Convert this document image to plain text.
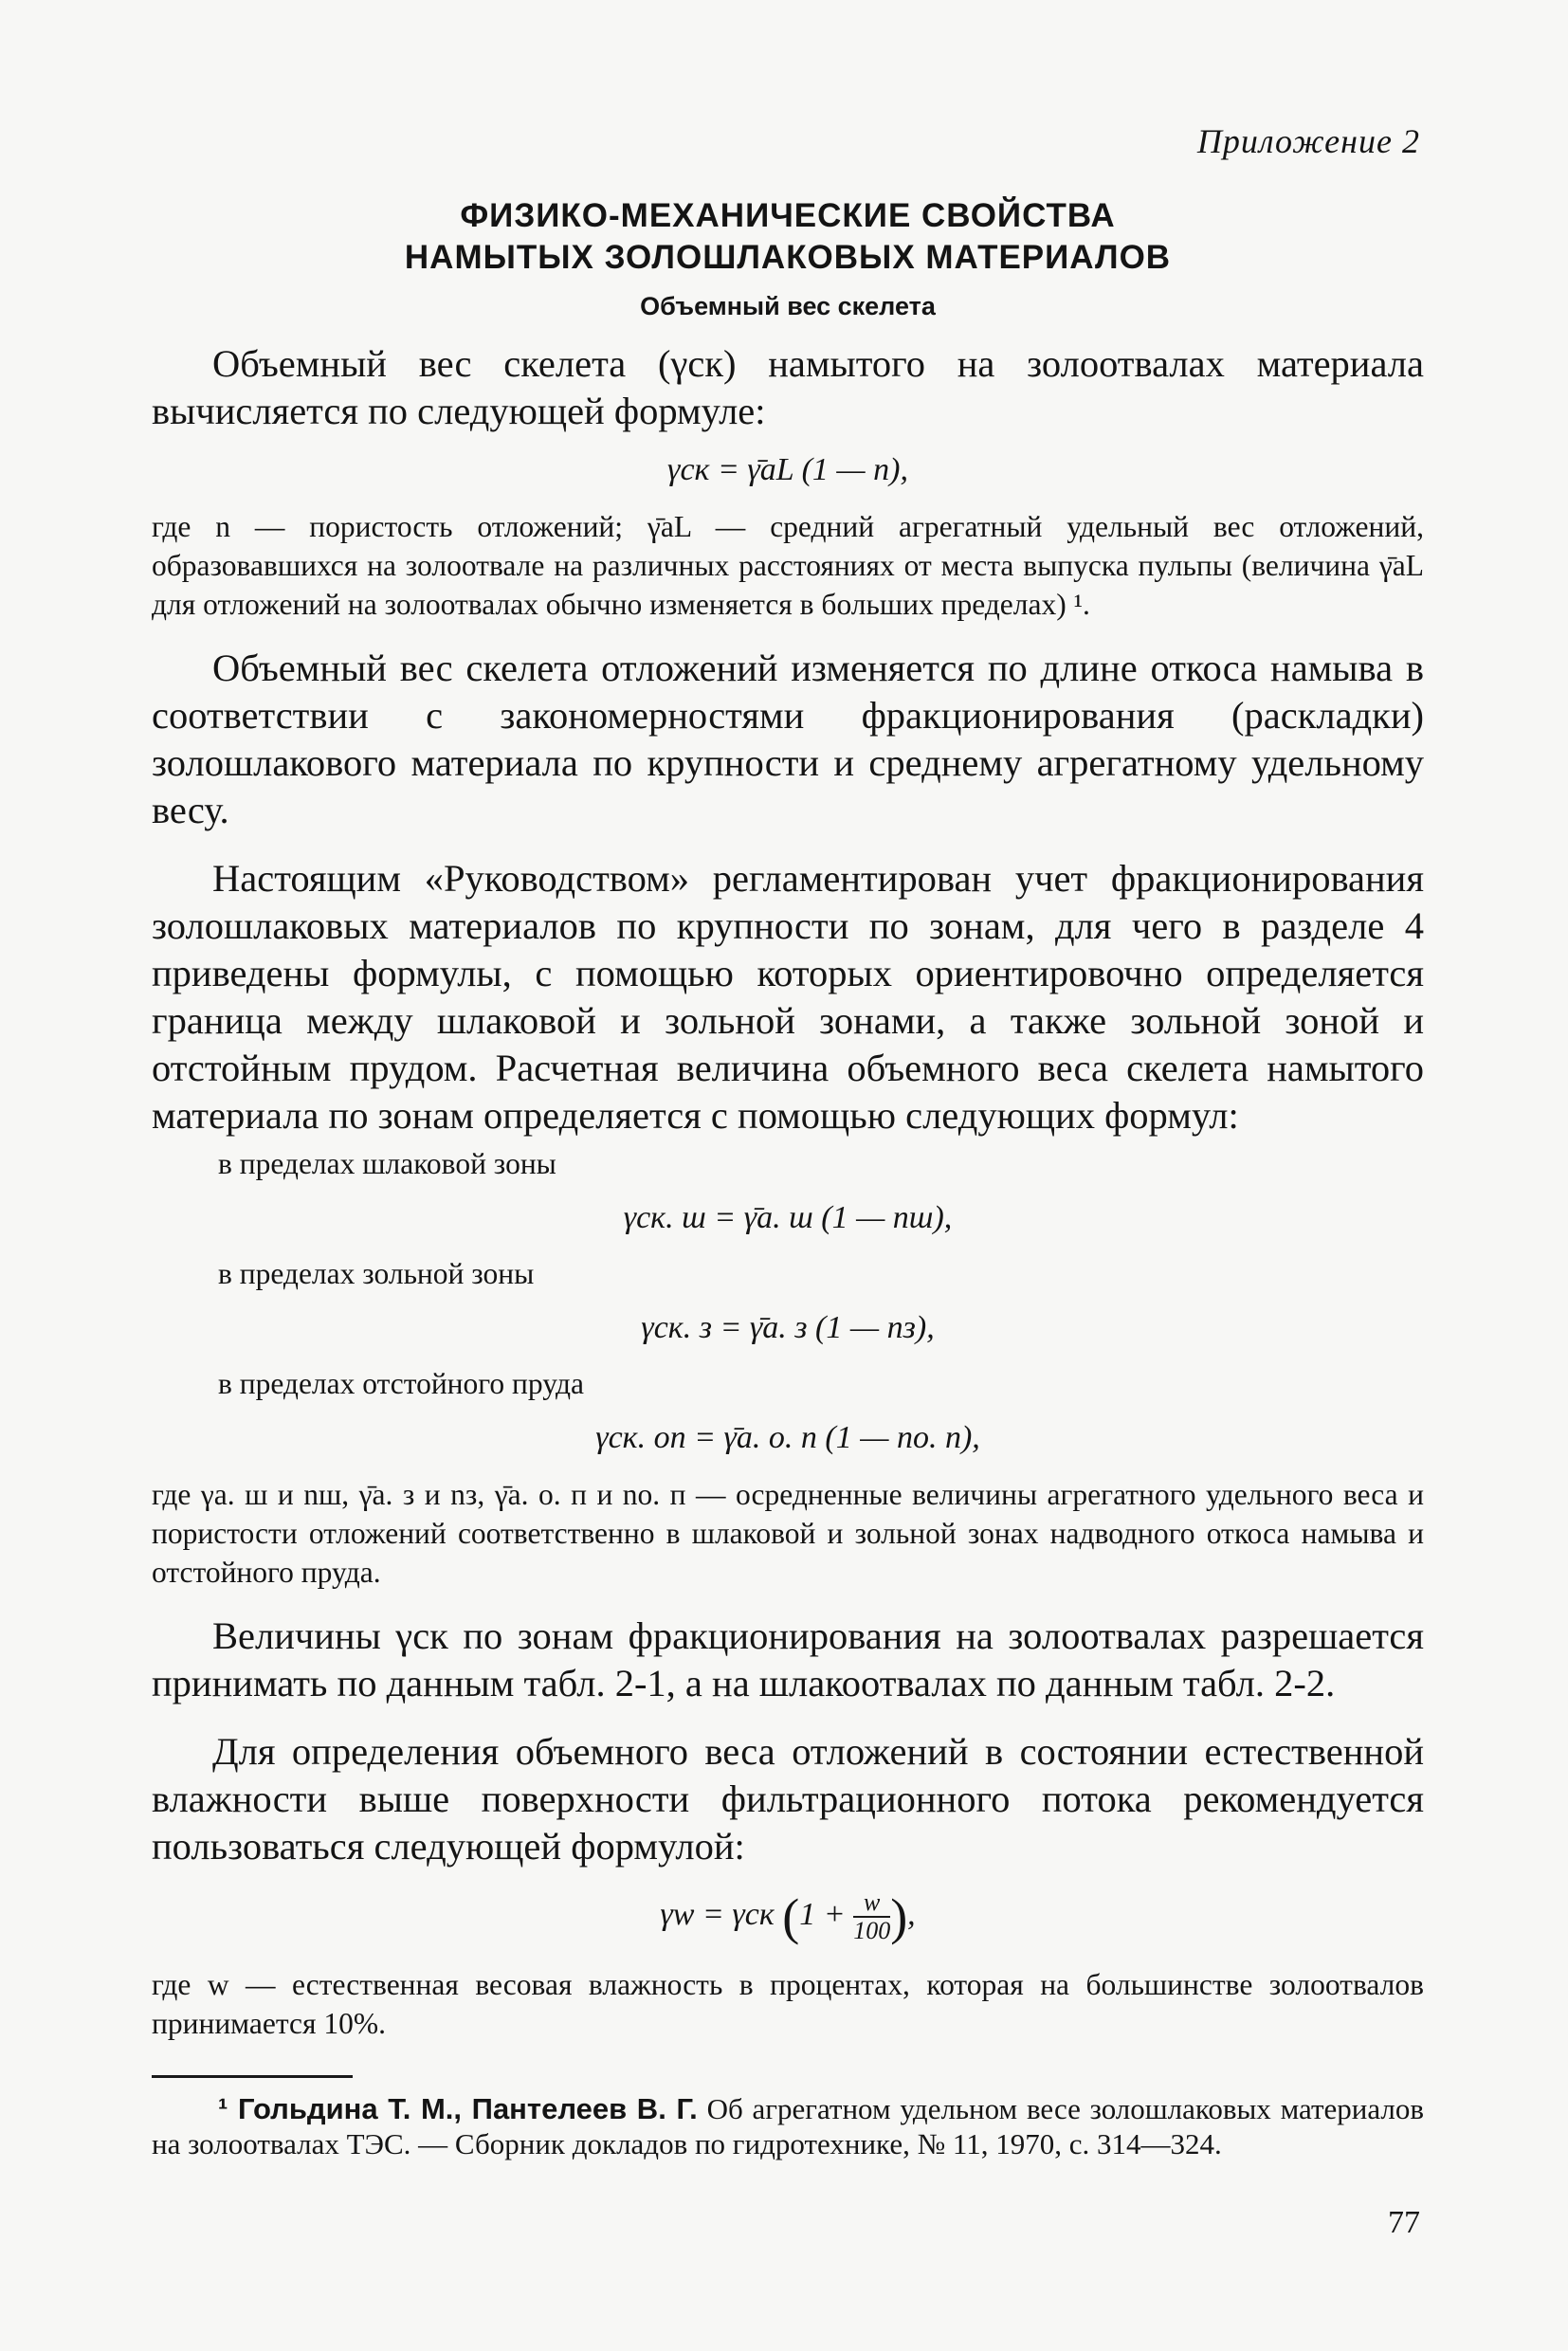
Приложение 2
ФИЗИКО-МЕХАНИЧЕСКИЕ СВОЙСТВА
НАМЫТЫХ ЗОЛОШЛАКОВЫХ МАТЕРИАЛОВ
Объемный вес скелета

Объемный вес скелета (γск) намытого на золоотвалах материала вычисляется по следующей формуле:

γск = γ̄aL (1 — n),

где n — пористость отложений; γ̄aL — средний агрегатный удельный вес отложений, образовавшихся на золоотвале на различных расстояниях от места выпуска пульпы (величина γ̄aL для отложений на золоотвалах обычно изменяется в больших пределах) ¹.

Объемный вес скелета отложений изменяется по длине откоса намыва в соответствии с закономерностями фракционирования (раскладки) золошлакового материала по крупности и среднему агрегатному удельному весу.

Настоящим «Руководством» регламентирован учет фракционирования золошлаковых материалов по крупности по зонам, для чего в разделе 4 приведены формулы, с помощью которых ориентировочно определяется граница между шлаковой и зольной зонами, а также зольной зоной и отстойным прудом. Расчетная величина объемного веса скелета намытого материала по зонам определяется с помощью следующих формул:

в пределах шлаковой зоны
γск. ш = γ̄a. ш (1 — nш),
в пределах зольной зоны
γск. з = γ̄a. з (1 — nз),
в пределах отстойного пруда
γск. оп = γ̄a. о. п (1 — nо. п),

где γa. ш и nш, γ̄a. з и nз, γ̄a. о. п и nо. п — осредненные величины агрегатного удельного веса и пористости отложений соответственно в шлаковой и зольной зонах надводного откоса намыва и отстойного пруда.

Величины γск по зонам фракционирования на золоотвалах разрешается принимать по данным табл. 2-1, а на шлакоотвалах по данным табл. 2-2.

Для определения объемного веса отложений в состоянии естественной влажности выше поверхности фильтрационного потока рекомендуется пользоваться следующей формулой:

γw = γск ($1 + \frac{w}{100}$ ),

где w — естественная весовая влажность в процентах, которая на большинстве золоотвалов принимается 10%.

¹ Гольдина Т. М., Пантелеев В. Г. Об агрегатном удельном весе золошлаковых материалов на золоотвалах ТЭС. — Сборник докладов по гидротехнике, № 11, 1970, с. 314—324.

77
